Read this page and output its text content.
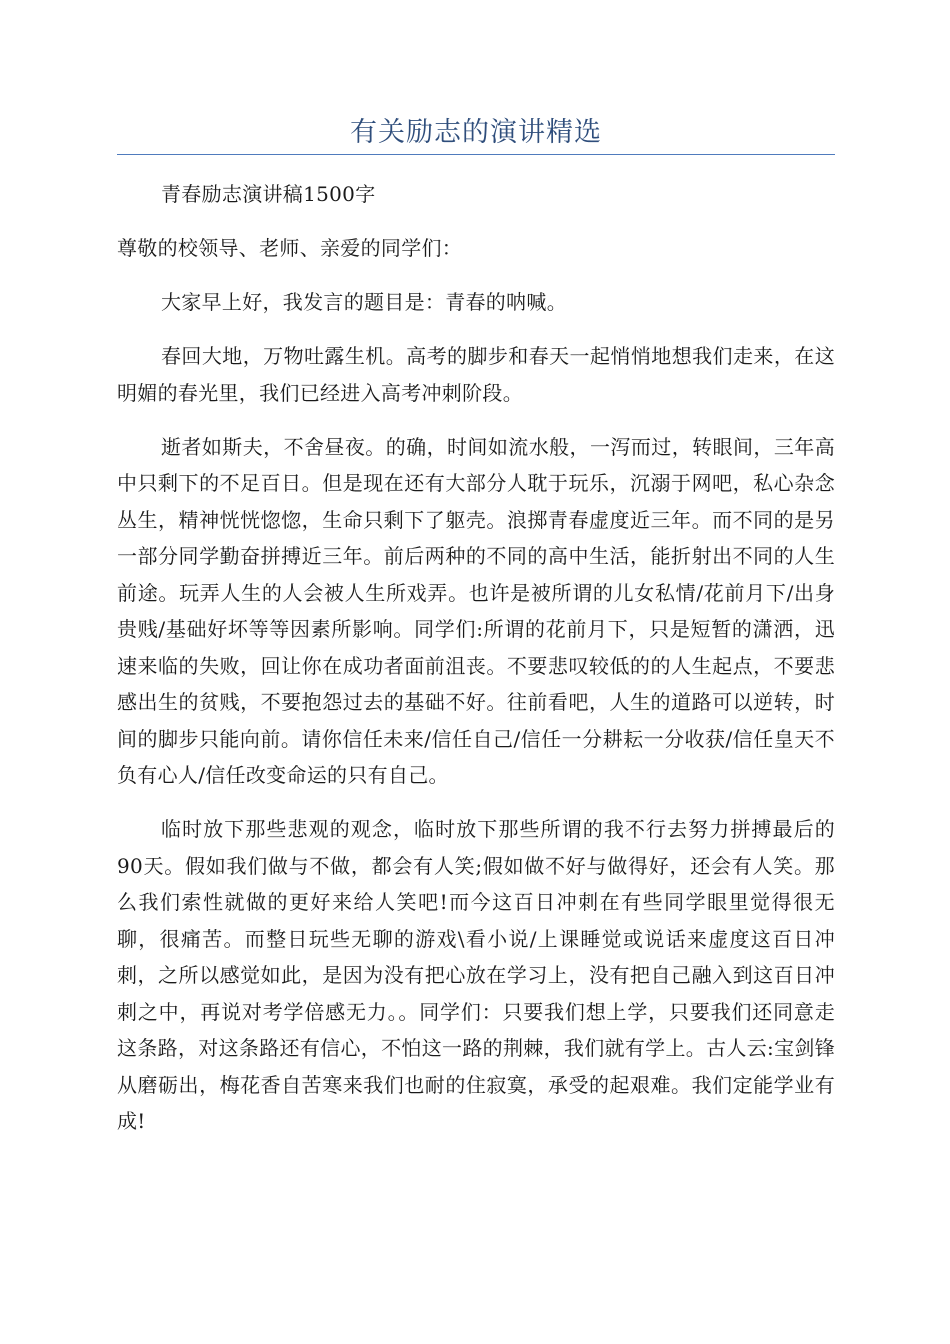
有关励志的演讲精选

青春励志演讲稿1500字

尊敬的校领导、老师、亲爱的同学们：

大家早上好，我发言的题目是：青春的呐喊。

春回大地，万物吐露生机。高考的脚步和春天一起悄悄地想我们走来，在这明媚的春光里，我们已经进入高考冲刺阶段。

逝者如斯夫，不舍昼夜。的确，时间如流水般，一泻而过，转眼间，三年高中只剩下的不足百日。但是现在还有大部分人耽于玩乐，沉溺于网吧，私心杂念丛生，精神恍恍惚惚，生命只剩下了躯壳。浪掷青春虚度近三年。而不同的是另一部分同学勤奋拼搏近三年。前后两种的不同的高中生活，能折射出不同的人生前途。玩弄人生的人会被人生所戏弄。也许是被所谓的儿女私情/花前月下/出身贵贱/基础好坏等等因素所影响。同学们:所谓的花前月下，只是短暂的潇洒，迅速来临的失败，回让你在成功者面前沮丧。不要悲叹较低的的人生起点，不要悲感出生的贫贱，不要抱怨过去的基础不好。往前看吧，人生的道路可以逆转，时间的脚步只能向前。请你信任未来/信任自己/信任一分耕耘一分收获/信任皇天不负有心人/信任改变命运的只有自己。

临时放下那些悲观的观念，临时放下那些所谓的我不行去努力拼搏最后的90天。假如我们做与不做，都会有人笑;假如做不好与做得好，还会有人笑。那么我们索性就做的更好来给人笑吧!而今这百日冲刺在有些同学眼里觉得很无聊，很痛苦。而整日玩些无聊的游戏\看小说/上课睡觉或说话来虚度这百日冲刺，之所以感觉如此，是因为没有把心放在学习上，没有把自己融入到这百日冲刺之中，再说对考学倍感无力。。同学们：只要我们想上学，只要我们还同意走这条路，对这条路还有信心，不怕这一路的荆棘，我们就有学上。古人云:宝剑锋从磨砺出，梅花香自苦寒来我们也耐的住寂寞，承受的起艰难。我们定能学业有成!
